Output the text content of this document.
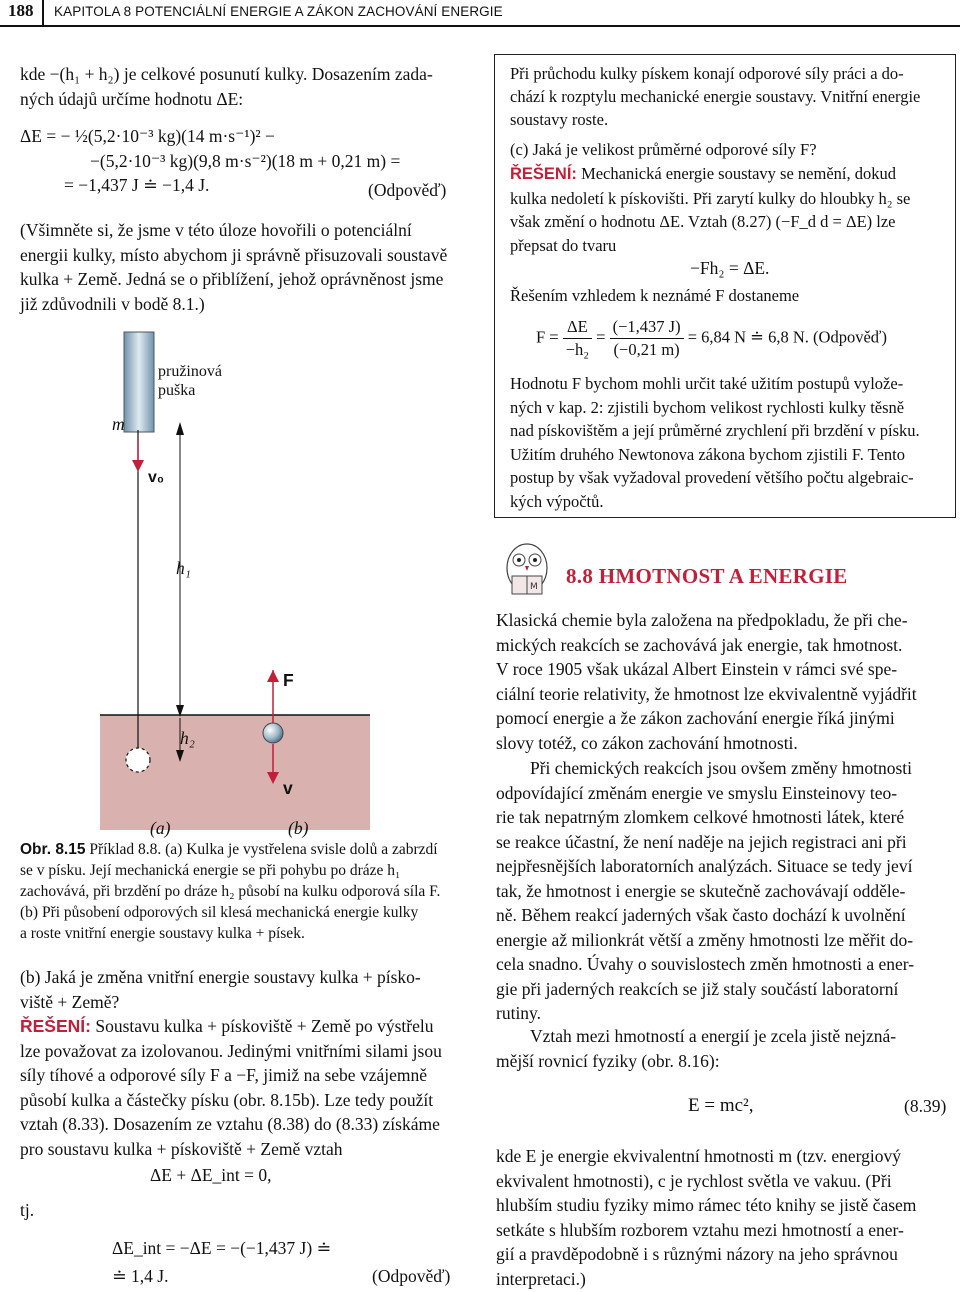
188 KAPITOLA 8 POTENCIÁLNÍ ENERGIE A ZÁKON ZACHOVÁNÍ ENERGIE
kde −(h₁ + h₂) je celkové posunutí kulky. Dosazením zada-
ných údajů určíme hodnotu ΔE:
ΔE = − ½(5,2·10⁻³ kg)(14 m·s⁻¹)² −
−(5,2·10⁻³ kg)(9,8 m·s⁻²)(18 m + 0,21 m) =
= −1,437 J ≐ −1,4 J.	(Odpověď)
(Všimněte si, že jsme v této úloze hovořili o potenciální
energii kulky, místo abychom ji správně přisuzovali soustavě
kulka + Země. Jedná se o přiblížení, jehož oprávněnost jsme
již zdůvodnili v bodě 8.1.)
pružinová
puška
m
v₀
h₁
h₂
F
v
(a)	(b)
Obr. 8.15 Příklad 8.8. (a) Kulka je vystřelena svisle dolů a zabrzdí
se v písku. Její mechanická energie se při pohybu po dráze h₁
zachovává, při brzdění po dráze h₂ působí na kulku odporová síla F.
(b) Při působení odporových sil klesá mechanická energie kulky
a roste vnitřní energie soustavy kulka + písek.
(b) Jaká je změna vnitřní energie soustavy kulka + písko-
viště + Země?
ŘEŠENÍ: Soustavu kulka + pískoviště + Země po výstřelu
lze považovat za izolovanou. Jedinými vnitřními silami jsou
síly tíhové a odporové síly F a −F, jimiž na sebe vzájemně
působí kulka a částečky písku (obr. 8.15b). Lze tedy použít
vztah (8.33). Dosazením ze vztahu (8.38) do (8.33) získáme
pro soustavu kulka + pískoviště + Země vztah
ΔE + ΔE_int = 0,
tj.
ΔE_int = −ΔE = −(−1,437 J) ≐
≐ 1,4 J.	(Odpověď)
Při průchodu kulky pískem konají odporové síly práci a do-
chází k rozptylu mechanické energie soustavy. Vnitřní energie
soustavy roste.
(c) Jaká je velikost průměrné odporové síly F?
ŘEŠENÍ: Mechanická energie soustavy se nemění, dokud
kulka nedoletí k pískovišti. Při zarytí kulky do hloubky h₂ se
však změní o hodnotu ΔE. Vztah (8.27) (−F_d d = ΔE) lze
přepsat do tvaru
−Fh₂ = ΔE.
Řešením vzhledem k neznámé F dostaneme
$F = \frac{\Delta E}{\text{−h₂}} = \frac{(-1,437 J)}{(-0,21 m)} = 6,84$ N ≐ 6,8 N. (Odpověď)
Hodnotu F bychom mohli určit také užitím postupů vylože-
ných v kap. 2: zjistili bychom velikost rychlosti kulky těsně
nad pískovištěm a její průměrné zrychlení při brzdění v písku.
Užitím druhého Newtonova zákona bychom zjistili F. Tento
postup by však vyžadoval provedení většího počtu algebraic-
kých výpočtů.
M 8.8 HMOTNOST A ENERGIE
Klasická chemie byla založena na předpokladu, že při che-
mických reakcích se zachovává jak energie, tak hmotnost.
V roce 1905 však ukázal Albert Einstein v rámci své spe-
ciální teorie relativity, že hmotnost lze ekvivalentně vyjádřit
pomocí energie a že zákon zachování energie říká jinými
slovy totéž, co zákon zachování hmotnosti.
Při chemických reakcích jsou ovšem změny hmotnosti
odpovídající změnám energie ve smyslu Einsteinovy teo-
rie tak nepatrným zlomkem celkové hmotnosti látek, které
se reakce účastní, že není naděje na jejich registraci ani při
nejpřesnějších laboratorních analýzách. Situace se tedy jeví
tak, že hmotnost i energie se skutečně zachovávají odděle-
ně. Během reakcí jaderných však často dochází k uvolnění
energie až milionkrát větší a změny hmotnosti lze měřit do-
cela snadno. Úvahy o souvislostech změn hmotnosti a ener-
gie při jaderných reakcích se již staly součástí laboratorní
rutiny.
Vztah mezi hmotností a energií je zcela jistě nejzná-
mější rovnicí fyziky (obr. 8.16):
E = mc²,	(8.39)
kde E je energie ekvivalentní hmotnosti m (tzv. energiový
ekvivalent hmotnosti), c je rychlost světla ve vakuu. (Při
hlubším studiu fyziky mimo rámec této knihy se jistě časem
setkáte s hlubším rozborem vztahu mezi hmotností a ener-
gií a pravděpodobně i s různými názory na jeho správnou
interpretaci.)
